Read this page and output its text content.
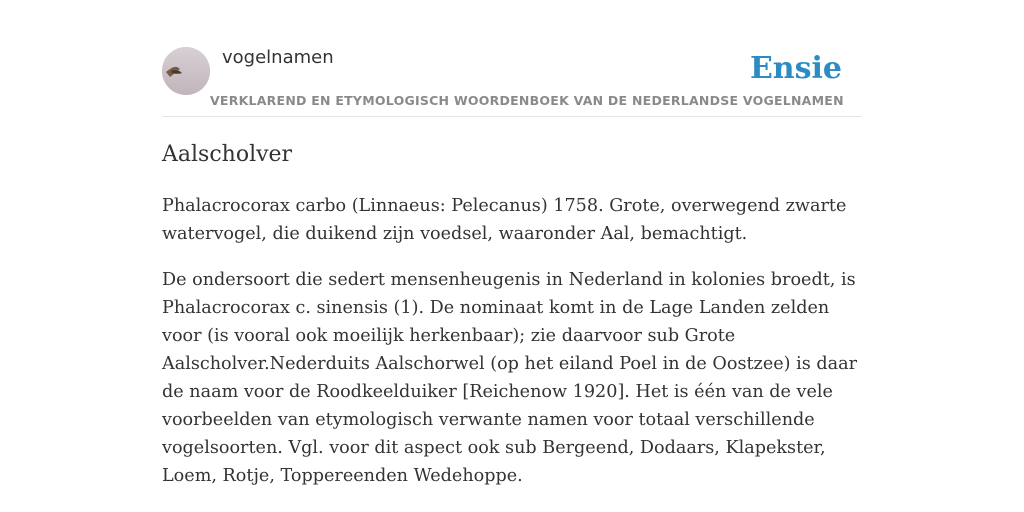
vogelnamen	Ensie
VERKLAREND EN ETYMOLOGISCH WOORDENBOEK VAN DE NEDERLANDSE VOGELNAMEN
Aalscholver

Phalacrocorax carbo (Linnaeus: Pelecanus) 1758. Grote, overwegend zwarte watervogel, die duikend zijn voedsel, waaronder Aal, bemachtigt.

De ondersoort die sedert mensenheugenis in Nederland in kolonies broedt, is Phalacrocorax c. sinensis (1). De nominaat komt in de Lage Landen zelden voor (is vooral ook moeilijk herkenbaar); zie daarvoor sub Grote Aalscholver.Nederduits Aalschorwel (op het eiland Poel in de Oostzee) is daar de naam voor de Roodkeelduiker [Reichenow 1920]. Het is één van de vele voorbeelden van etymologisch verwante namen voor totaal verschillende vogelsoorten. Vgl. voor dit aspect ook sub Bergeend, Dodaars, Klapekster, Loem, Rotje, Toppereenden Wedehoppe.
